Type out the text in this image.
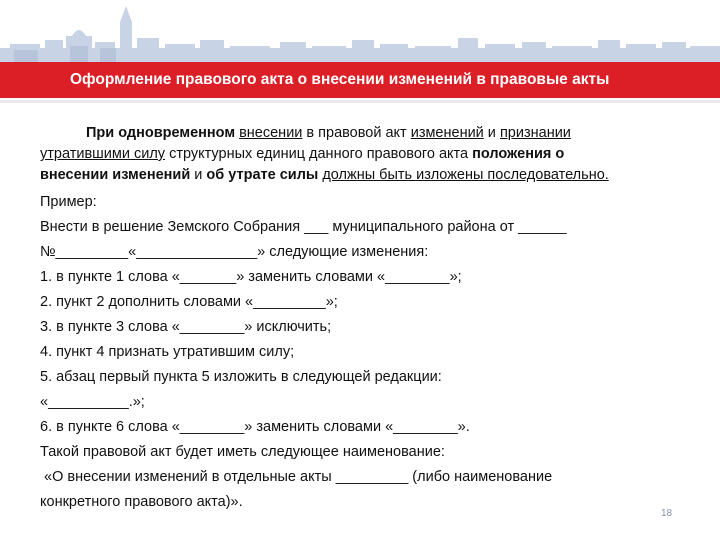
Оформление правового акта о внесении изменений в правовые акты

При одновременном внесении в правовой акт изменений и признании
утратившими силу структурных единиц данного правового акта положения о
внесении изменений и об утрате силы должны быть изложены последовательно.

Пример:

Внести в решение Земского Собрания ___ муниципального района от ______

№_________«_______________» следующие изменения:

1. в пункте 1 слова «_______» заменить словами «________»;

2. пункт 2 дополнить словами «_________»;

3. в пункте 3 слова «________» исключить;

4. пункт 4 признать утратившим силу;

5. абзац первый пункта 5 изложить в следующей редакции:

«__________.»;

6. в пункте 6 слова «________» заменить словами «________».

Такой правовой акт будет иметь следующее наименование:

«О внесении изменений в отдельные акты _________ (либо наименование

конкретного правового акта)».

18
